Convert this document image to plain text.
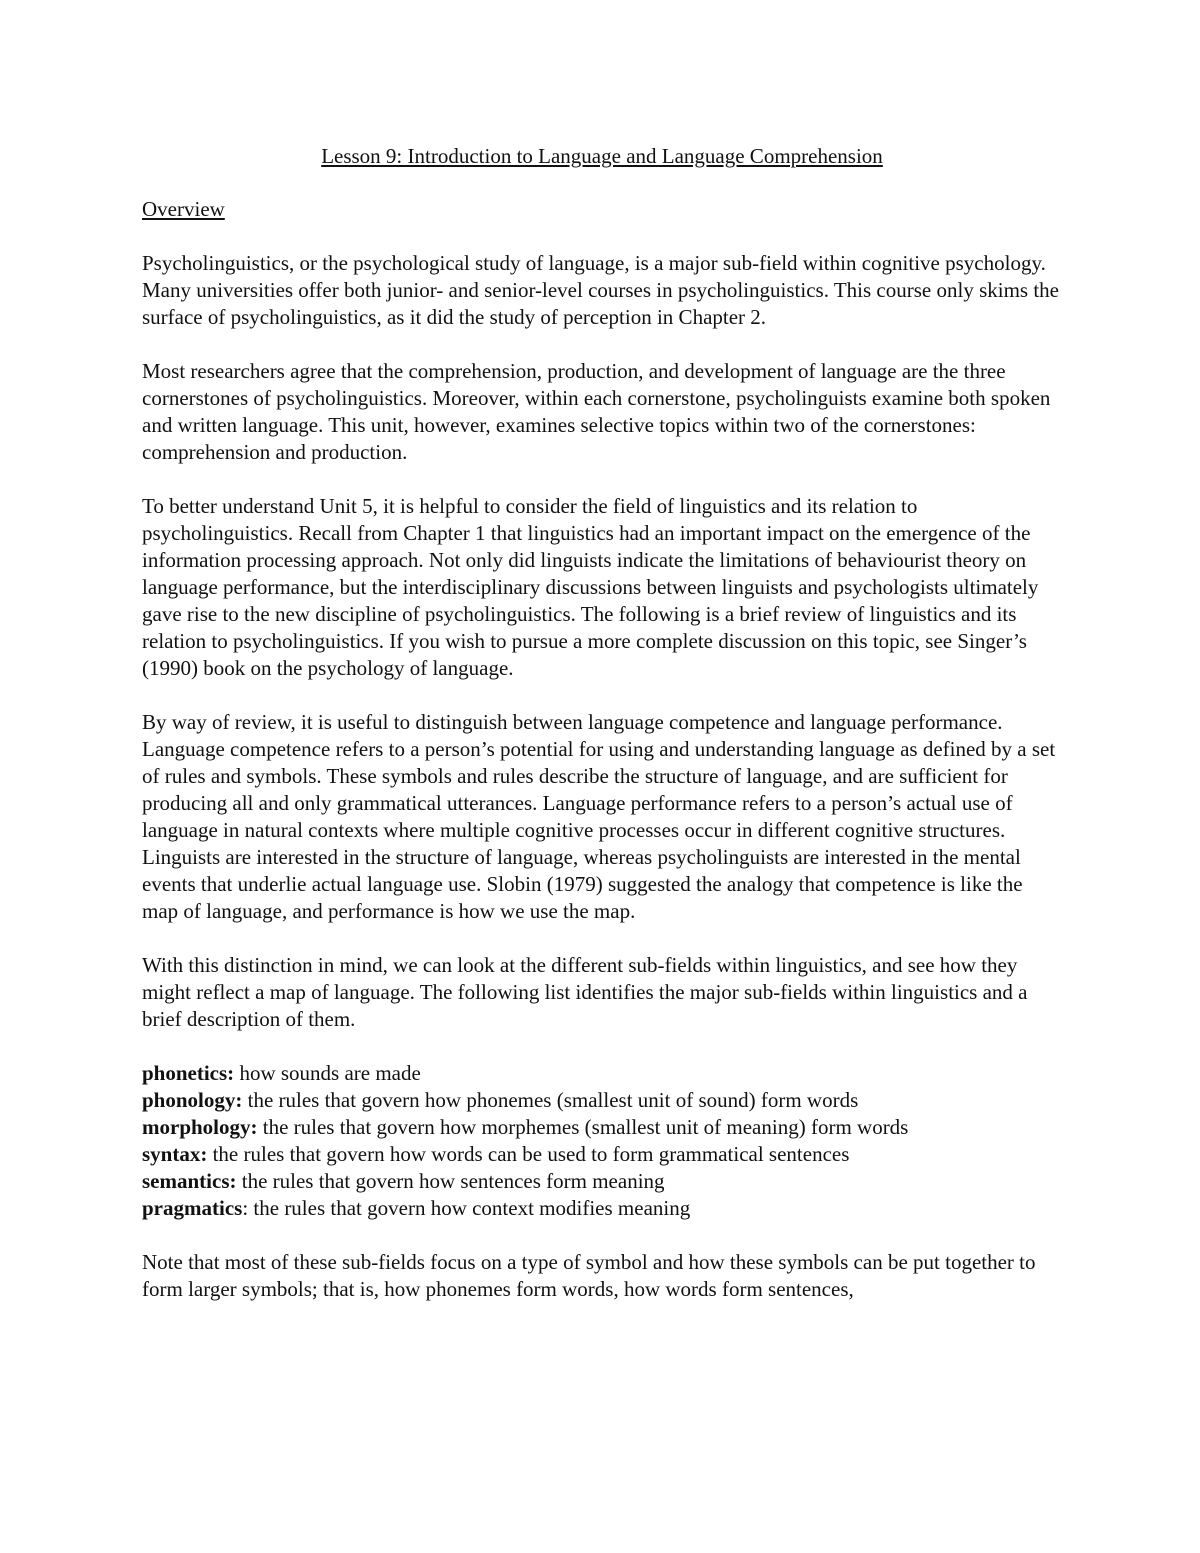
Lesson 9: Introduction to Language and Language Comprehension
Overview

Psycholinguistics, or the psychological study of language, is a major sub-field within cognitive psychology. Many universities offer both junior- and senior-level courses in psycholinguistics. This course only skims the surface of psycholinguistics, as it did the study of perception in Chapter 2.

Most researchers agree that the comprehension, production, and development of language are the three cornerstones of psycholinguistics. Moreover, within each cornerstone, psycholinguists examine both spoken and written language. This unit, however, examines selective topics within two of the cornerstones: comprehension and production.

To better understand Unit 5, it is helpful to consider the field of linguistics and its relation to psycholinguistics. Recall from Chapter 1 that linguistics had an important impact on the emergence of the information processing approach. Not only did linguists indicate the limitations of behaviourist theory on language performance, but the interdisciplinary discussions between linguists and psychologists ultimately gave rise to the new discipline of psycholinguistics. The following is a brief review of linguistics and its relation to psycholinguistics. If you wish to pursue a more complete discussion on this topic, see Singer’s (1990) book on the psychology of language.

By way of review, it is useful to distinguish between language competence and language performance. Language competence refers to a person’s potential for using and understanding language as defined by a set of rules and symbols. These symbols and rules describe the structure of language, and are sufficient for producing all and only grammatical utterances. Language performance refers to a person’s actual use of language in natural contexts where multiple cognitive processes occur in different cognitive structures. Linguists are interested in the structure of language, whereas psycholinguists are interested in the mental events that underlie actual language use. Slobin (1979) suggested the analogy that competence is like the map of language, and performance is how we use the map.

With this distinction in mind, we can look at the different sub-fields within linguistics, and see how they might reflect a map of language. The following list identifies the major sub-fields within linguistics and a brief description of them.

phonetics: how sounds are made
phonology: the rules that govern how phonemes (smallest unit of sound) form words
morphology: the rules that govern how morphemes (smallest unit of meaning) form words
syntax: the rules that govern how words can be used to form grammatical sentences
semantics: the rules that govern how sentences form meaning
pragmatics: the rules that govern how context modifies meaning

Note that most of these sub-fields focus on a type of symbol and how these symbols can be put together to form larger symbols; that is, how phonemes form words, how words form sentences,
